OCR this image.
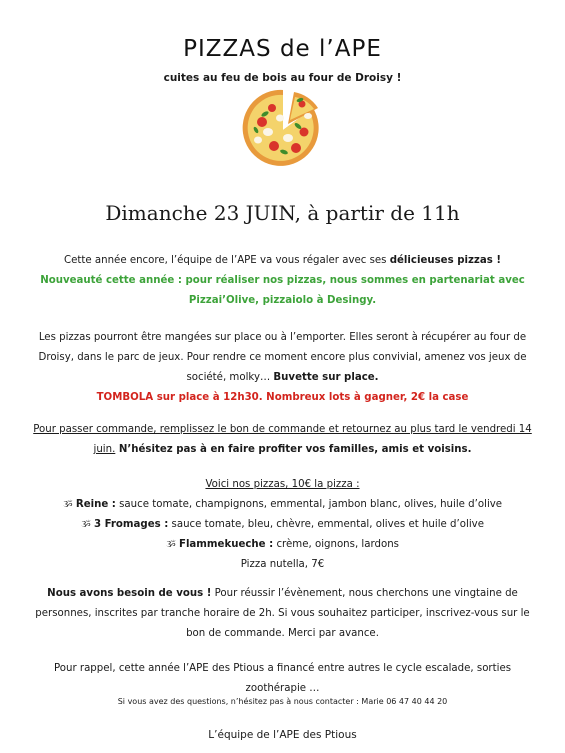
PIZZAS de l’APE
cuites au feu de bois au four de Droisy !
Dimanche 23 JUIN, à partir de 11h
Cette année encore, l’équipe de l’APE va vous régaler avec ses délicieuses pizzas !
Nouveauté cette année : pour réaliser nos pizzas, nous sommes en partenariat avec
Pizzai’Olive, pizzaiolo à Desingy.
Les pizzas pourront être mangées sur place ou à l’emporter. Elles seront à récupérer au four de
Droisy, dans le parc de jeux. Pour rendre ce moment encore plus convivial, amenez vos jeux de
société, molky… Buvette sur place.
TOMBOLA sur place à 12h30. Nombreux lots à gagner, 2€ la case
Pour passer commande, remplissez le bon de commande et retournez au plus tard le vendredi 14
juin. N’hésitez pas à en faire profiter vos familles, amis et voisins.
Voici nos pizzas, 10€ la pizza :
ૐ Reine : sauce tomate, champignons, emmental, jambon blanc, olives, huile d’olive
ૐ 3 Fromages : sauce tomate, bleu, chèvre, emmental, olives et huile d’olive
ૐ Flammekueche : crème, oignons, lardons
Pizza nutella, 7€
Nous avons besoin de vous ! Pour réussir l’évènement, nous cherchons une vingtaine de
personnes, inscrites par tranche horaire de 2h. Si vous souhaitez participer, inscrivez-vous sur le
bon de commande. Merci par avance.
Pour rappel, cette année l’APE des Ptious a financé entre autres le cycle escalade, sorties
zoothérapie …
Si vous avez des questions, n’hésitez pas à nous contacter : Marie 06 47 40 44 20
L’équipe de l’APE des Ptious
